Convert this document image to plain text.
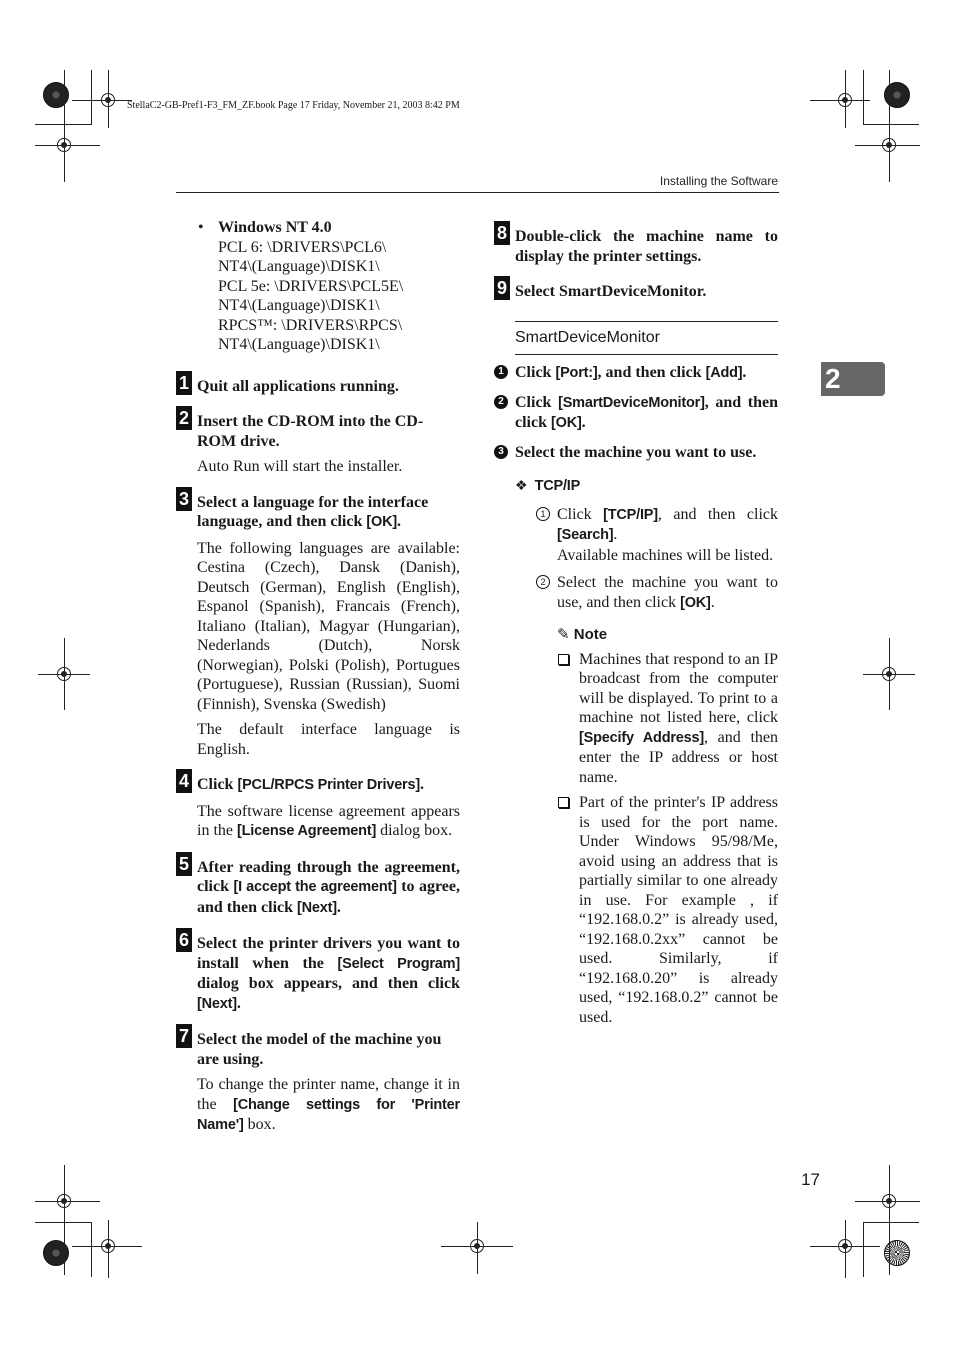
StellaC2-GB-Pref1-F3_FM_ZF.book Page 17 Friday, November 21, 2003 8:42 PM
Installing the Software
2
• Windows NT 4.0
PCL 6: \DRIVERS\PCL6\
NT4\(Language)\DISK1\
PCL 5e: \DRIVERS\PCL5E\
NT4\(Language)\DISK1\
RPCS™: \DRIVERS\RPCS\
NT4\(Language)\DISK1\
1 Quit all applications running.
2 Insert the CD-ROM into the CD-ROM drive.
Auto Run will start the installer.
3 Select a language for the interface language, and then click [OK].
The following languages are available: Cestina (Czech), Dansk (Danish), Deutsch (German), English (English), Espanol (Spanish), Francais (French), Italiano (Italian), Magyar (Hungarian), Nederlands (Dutch), Norsk (Norwegian), Polski (Polish), Portugues (Portuguese), Russian (Russian), Suomi (Finnish), Svenska (Swedish)
The default interface language is English.
4 Click [PCL/RPCS Printer Drivers].
The software license agreement appears in the [License Agreement] dialog box.
5 After reading through the agreement, click [I accept the agreement] to agree, and then click [Next].
6 Select the printer drivers you want to install when the [Select Program] dialog box appears, and then click [Next].
7 Select the model of the machine you are using.
To change the printer name, change it in the [Change settings for 'Printer Name'] box.
8 Double-click the machine name to display the printer settings.
9 Select SmartDeviceMonitor.
SmartDeviceMonitor
1 Click [Port:], and then click [Add].
2 Click [SmartDeviceMonitor], and then click [OK].
3 Select the machine you want to use.
❖ TCP/IP
1 Click [TCP/IP], and then click [Search].
Available machines will be listed.
2 Select the machine you want to use, and then click [OK].
✎ Note
Machines that respond to an IP broadcast from the computer will be displayed. To print to a machine not listed here, click [Specify Address], and then enter the IP address or host name.
Part of the printer's IP address is used for the port name. Under Windows 95/98/Me, avoid using an address that is partially similar to one already in use. For example , if “192.168.0.2” is already used, “192.168.0.2xx” cannot be used. Similarly, if “192.168.0.20” is already used, “192.168.0.2” cannot be used.
17
